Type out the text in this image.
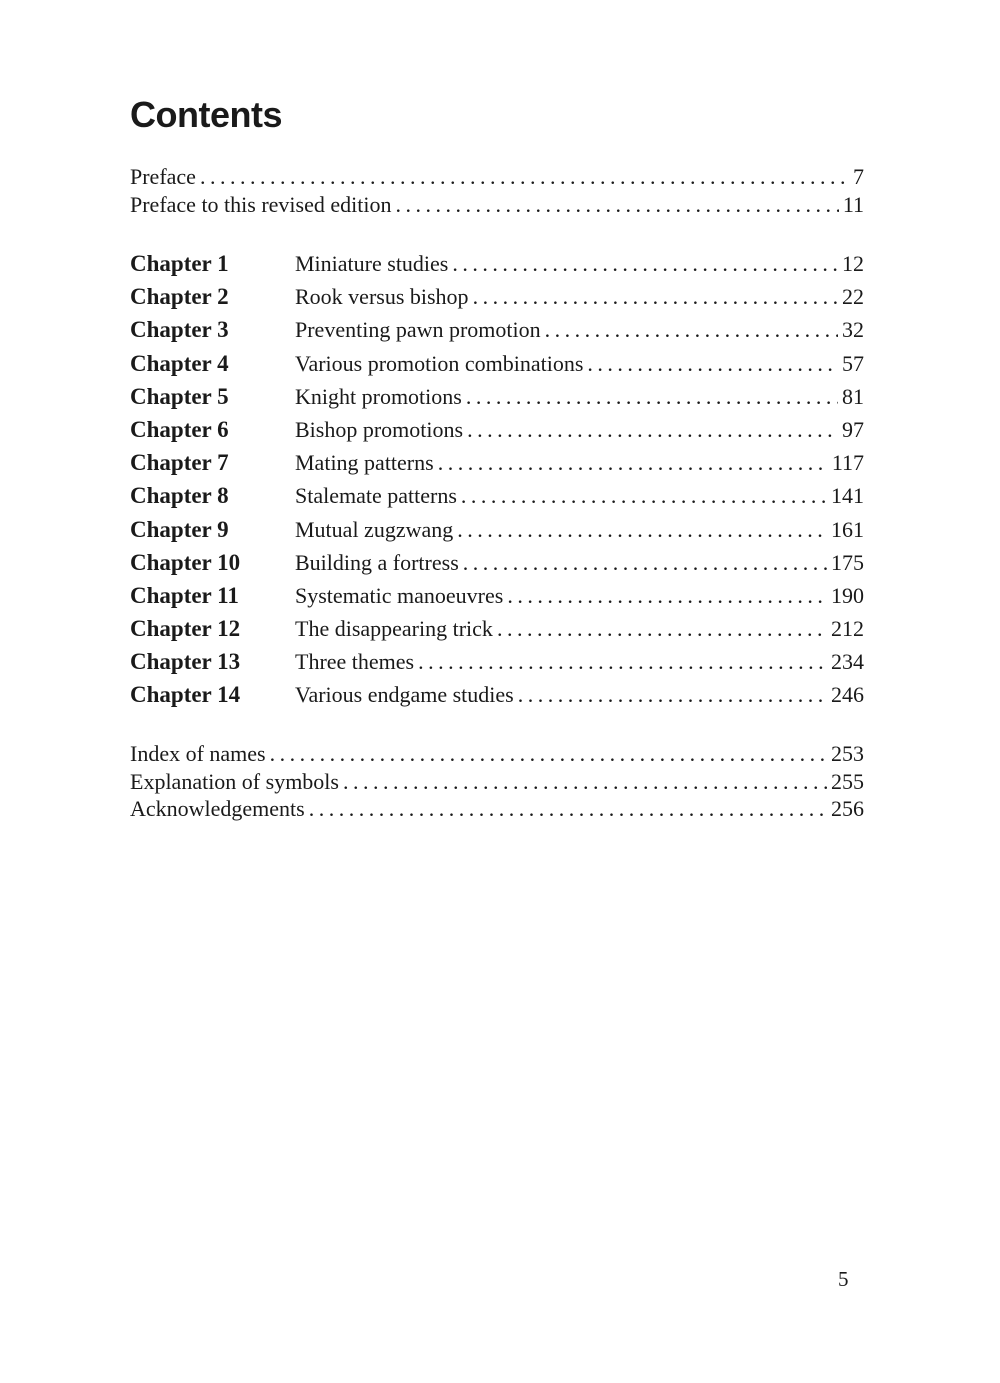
Contents
Preface . . .	7
Preface to this revised edition . . .	11
Chapter 1	Miniature studies . . .	12
Chapter 2	Rook versus bishop . . .	22
Chapter 3	Preventing pawn promotion . . .	32
Chapter 4	Various promotion combinations . . .	57
Chapter 5	Knight promotions . . .	81
Chapter 6	Bishop promotions . . .	97
Chapter 7	Mating patterns . . .	117
Chapter 8	Stalemate patterns . . .	141
Chapter 9	Mutual zugzwang . . .	161
Chapter 10	Building a fortress . . .	175
Chapter 11	Systematic manoeuvres . . .	190
Chapter 12	The disappearing trick . . .	212
Chapter 13	Three themes . . .	234
Chapter 14	Various endgame studies . . .	246
Index of names . . .	253
Explanation of symbols . . .	255
Acknowledgements . . .	256
5
